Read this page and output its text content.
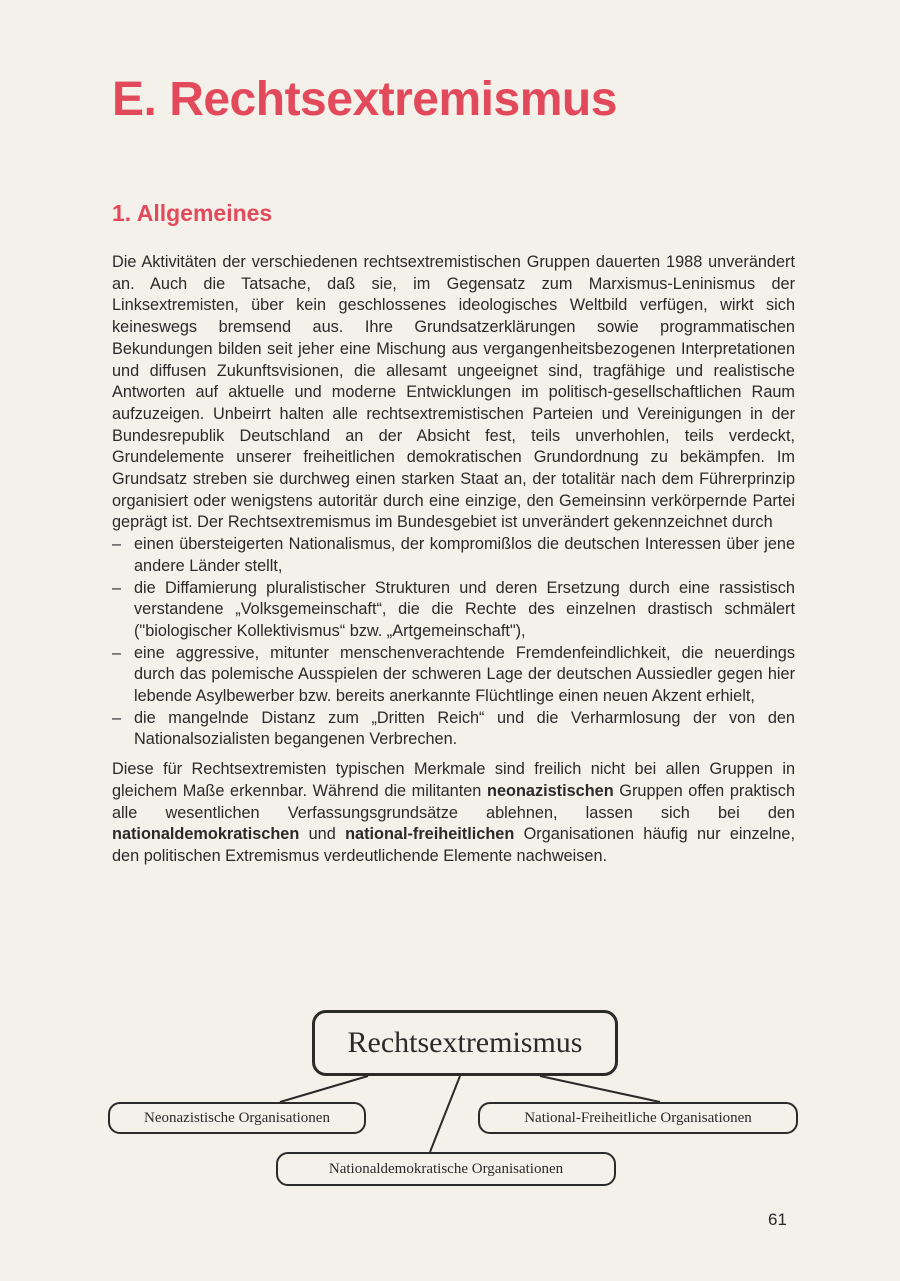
E. Rechtsextremismus
1. Allgemeines

Die Aktivitäten der verschiedenen rechtsextremistischen Gruppen dauerten 1988 unverändert an. Auch die Tatsache, daß sie, im Gegensatz zum Marxismus-Leninismus der Linksextremisten, über kein geschlossenes ideologisches Weltbild verfügen, wirkt sich keineswegs bremsend aus. Ihre Grundsatzerklärungen sowie programmatischen Bekundungen bilden seit jeher eine Mischung aus vergangenheitsbezogenen Interpretationen und diffusen Zukunftsvisionen, die allesamt ungeeignet sind, tragfähige und realistische Antworten auf aktuelle und moderne Entwicklungen im politisch-gesellschaftlichen Raum aufzuzeigen. Unbeirrt halten alle rechtsextremistischen Parteien und Vereinigungen in der Bundesrepublik Deutschland an der Absicht fest, teils unverhohlen, teils verdeckt, Grundelemente unserer freiheitlichen demokratischen Grundordnung zu bekämpfen. Im Grundsatz streben sie durchweg einen starken Staat an, der totalitär nach dem Führerprinzip organisiert oder wenigstens autoritär durch eine einzige, den Gemeinsinn verkörpernde Partei geprägt ist. Der Rechtsextremismus im Bundesgebiet ist unverändert gekennzeichnet durch

– einen übersteigerten Nationalismus, der kompromißlos die deutschen Interessen über jene andere Länder stellt,
– die Diffamierung pluralistischer Strukturen und deren Ersetzung durch eine rassistisch verstandene „Volksgemeinschaft“, die die Rechte des einzelnen drastisch schmälert ("biologischer Kollektivismus“ bzw. „Artgemeinschaft"),
– eine aggressive, mitunter menschenverachtende Fremdenfeindlichkeit, die neuerdings durch das polemische Ausspielen der schweren Lage der deutschen Aussiedler gegen hier lebende Asylbewerber bzw. bereits anerkannte Flüchtlinge einen neuen Akzent erhielt,
– die mangelnde Distanz zum „Dritten Reich“ und die Verharmlosung der von den Nationalsozialisten begangenen Verbrechen.

Diese für Rechtsextremisten typischen Merkmale sind freilich nicht bei allen Gruppen in gleichem Maße erkennbar. Während die militanten neonazistischen Gruppen offen praktisch alle wesentlichen Verfassungsgrundsätze ablehnen, lassen sich bei den nationaldemokratischen und national-freiheitlichen Organisationen häufig nur einzelne, den politischen Extremismus verdeutlichende Elemente nachweisen.

Rechtsextremismus
Neonazistische Organisationen	National-Freiheitliche Organisationen
Nationaldemokratische Organisationen
61
